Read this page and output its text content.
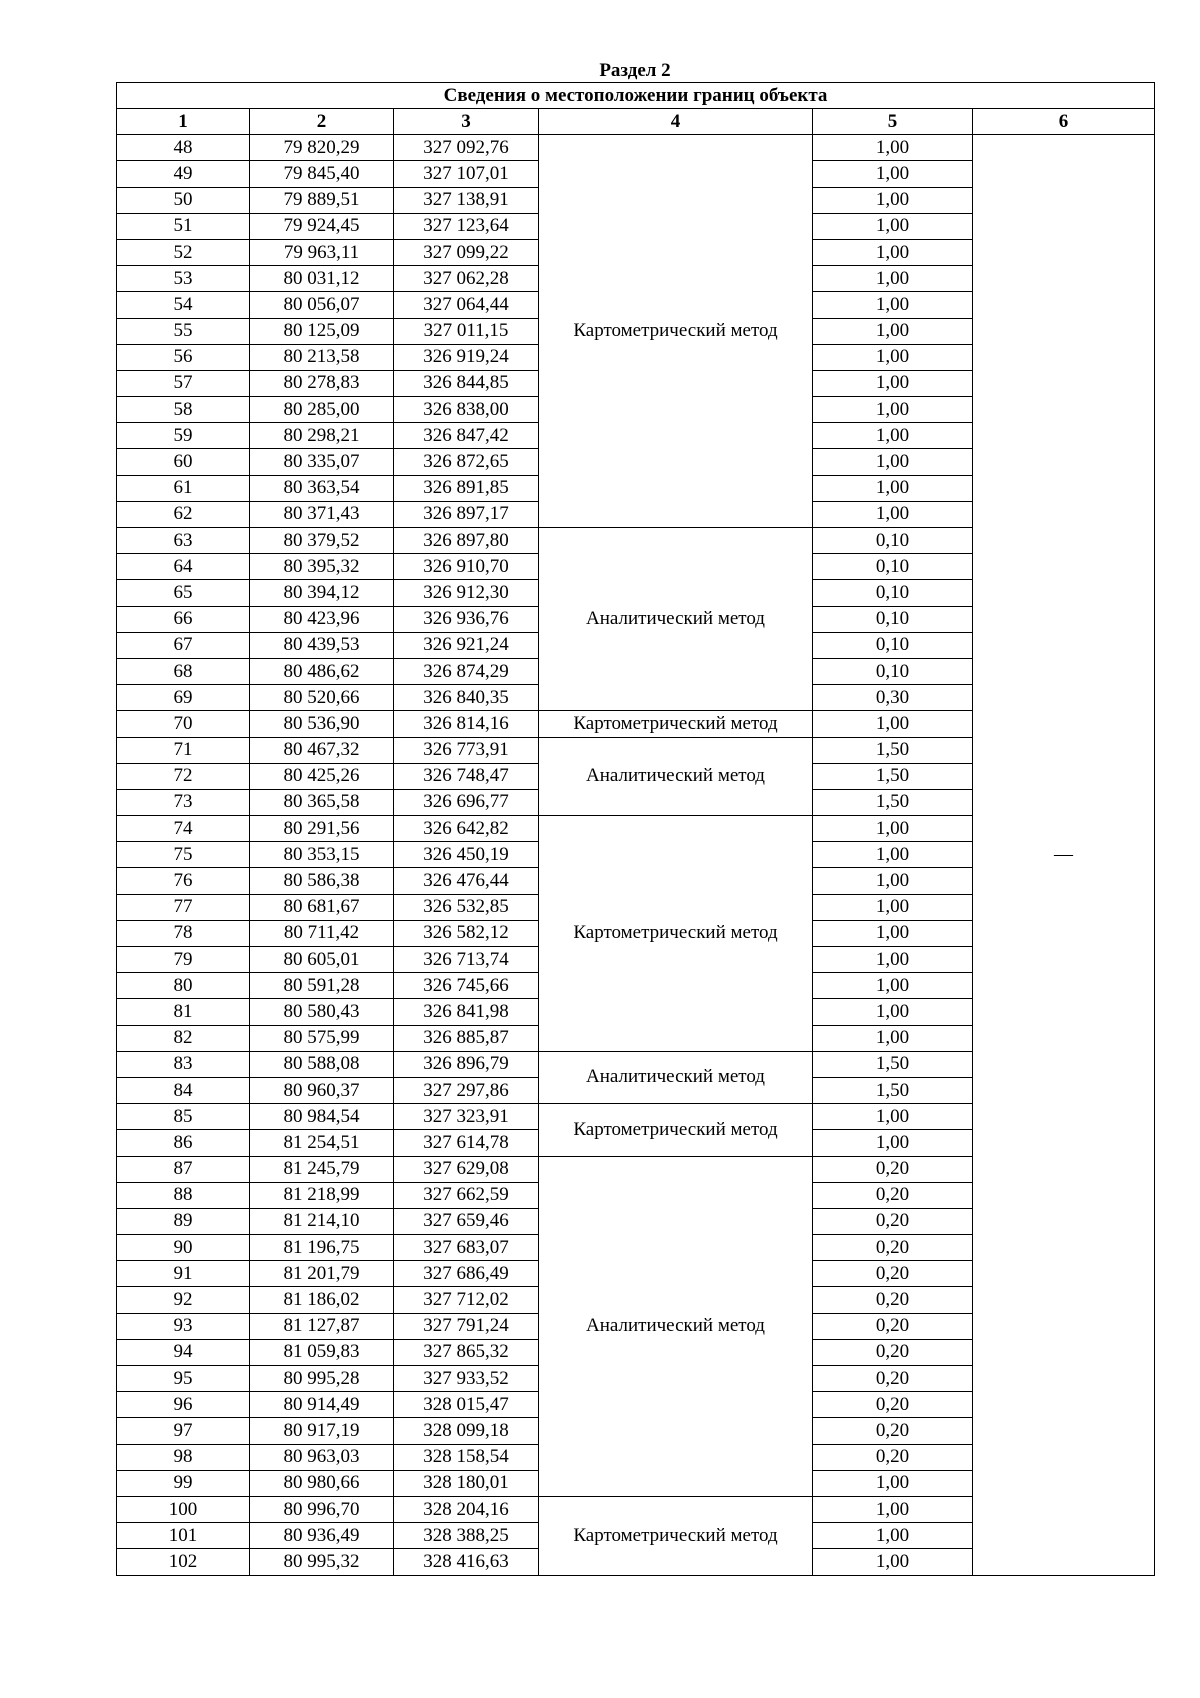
Раздел 2
Сведения о местоположении границ объекта					
1	2	3	4	5	6
48	79 820,29	327 092,76	Картометрический метод	1,00	—
49	79 845,40	327 107,01		1,00	
50	79 889,51	327 138,91		1,00	
51	79 924,45	327 123,64		1,00	
52	79 963,11	327 099,22		1,00	
53	80 031,12	327 062,28		1,00	
54	80 056,07	327 064,44		1,00	
55	80 125,09	327 011,15		1,00	
56	80 213,58	326 919,24		1,00	
57	80 278,83	326 844,85		1,00	
58	80 285,00	326 838,00		1,00	
59	80 298,21	326 847,42		1,00	
60	80 335,07	326 872,65		1,00	
61	80 363,54	326 891,85		1,00	
62	80 371,43	326 897,17		1,00	
63	80 379,52	326 897,80	Аналитический метод	0,10	
64	80 395,32	326 910,70		0,10	
65	80 394,12	326 912,30		0,10	
66	80 423,96	326 936,76		0,10	
67	80 439,53	326 921,24		0,10	
68	80 486,62	326 874,29		0,10	
69	80 520,66	326 840,35		0,30	
70	80 536,90	326 814,16	Картометрический метод	1,00	
71	80 467,32	326 773,91	Аналитический метод	1,50	
72	80 425,26	326 748,47		1,50	
73	80 365,58	326 696,77		1,50	
74	80 291,56	326 642,82	Картометрический метод	1,00	
75	80 353,15	326 450,19		1,00	
76	80 586,38	326 476,44		1,00	
77	80 681,67	326 532,85		1,00	
78	80 711,42	326 582,12		1,00	
79	80 605,01	326 713,74		1,00	
80	80 591,28	326 745,66		1,00	
81	80 580,43	326 841,98		1,00	
82	80 575,99	326 885,87		1,00	
83	80 588,08	326 896,79	Аналитический метод	1,50	
84	80 960,37	327 297,86		1,50	
85	80 984,54	327 323,91	Картометрический метод	1,00	
86	81 254,51	327 614,78		1,00	
87	81 245,79	327 629,08	Аналитический метод	0,20	
88	81 218,99	327 662,59		0,20	
89	81 214,10	327 659,46		0,20	
90	81 196,75	327 683,07		0,20	
91	81 201,79	327 686,49		0,20	
92	81 186,02	327 712,02		0,20	
93	81 127,87	327 791,24		0,20	
94	81 059,83	327 865,32		0,20	
95	80 995,28	327 933,52		0,20	
96	80 914,49	328 015,47		0,20	
97	80 917,19	328 099,18		0,20	
98	80 963,03	328 158,54		0,20	
99	80 980,66	328 180,01		1,00	
100	80 996,70	328 204,16	Картометрический метод	1,00	
101	80 936,49	328 388,25		1,00	
102	80 995,32	328 416,63		1,00	
